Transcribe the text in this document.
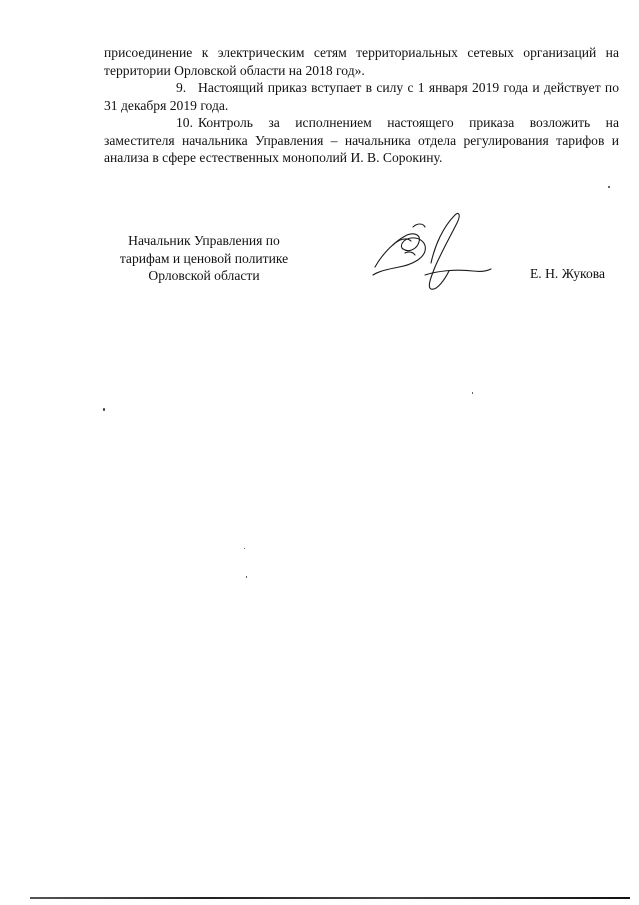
присоединение к электрическим сетям территориальных сетевых организаций на территории Орловской области на 2018 год».

9. Настоящий приказ вступает в силу с 1 января 2019 года и действует по 31 декабря 2019 года.

10. Контроль за исполнением настоящего приказа возложить на заместителя начальника Управления – начальника отдела регулирования тарифов и анализа в сфере естественных монополий И. В. Сорокину.

Начальник Управления по
тарифам и ценовой политике
Орловской области	Е. Н. Жукова
